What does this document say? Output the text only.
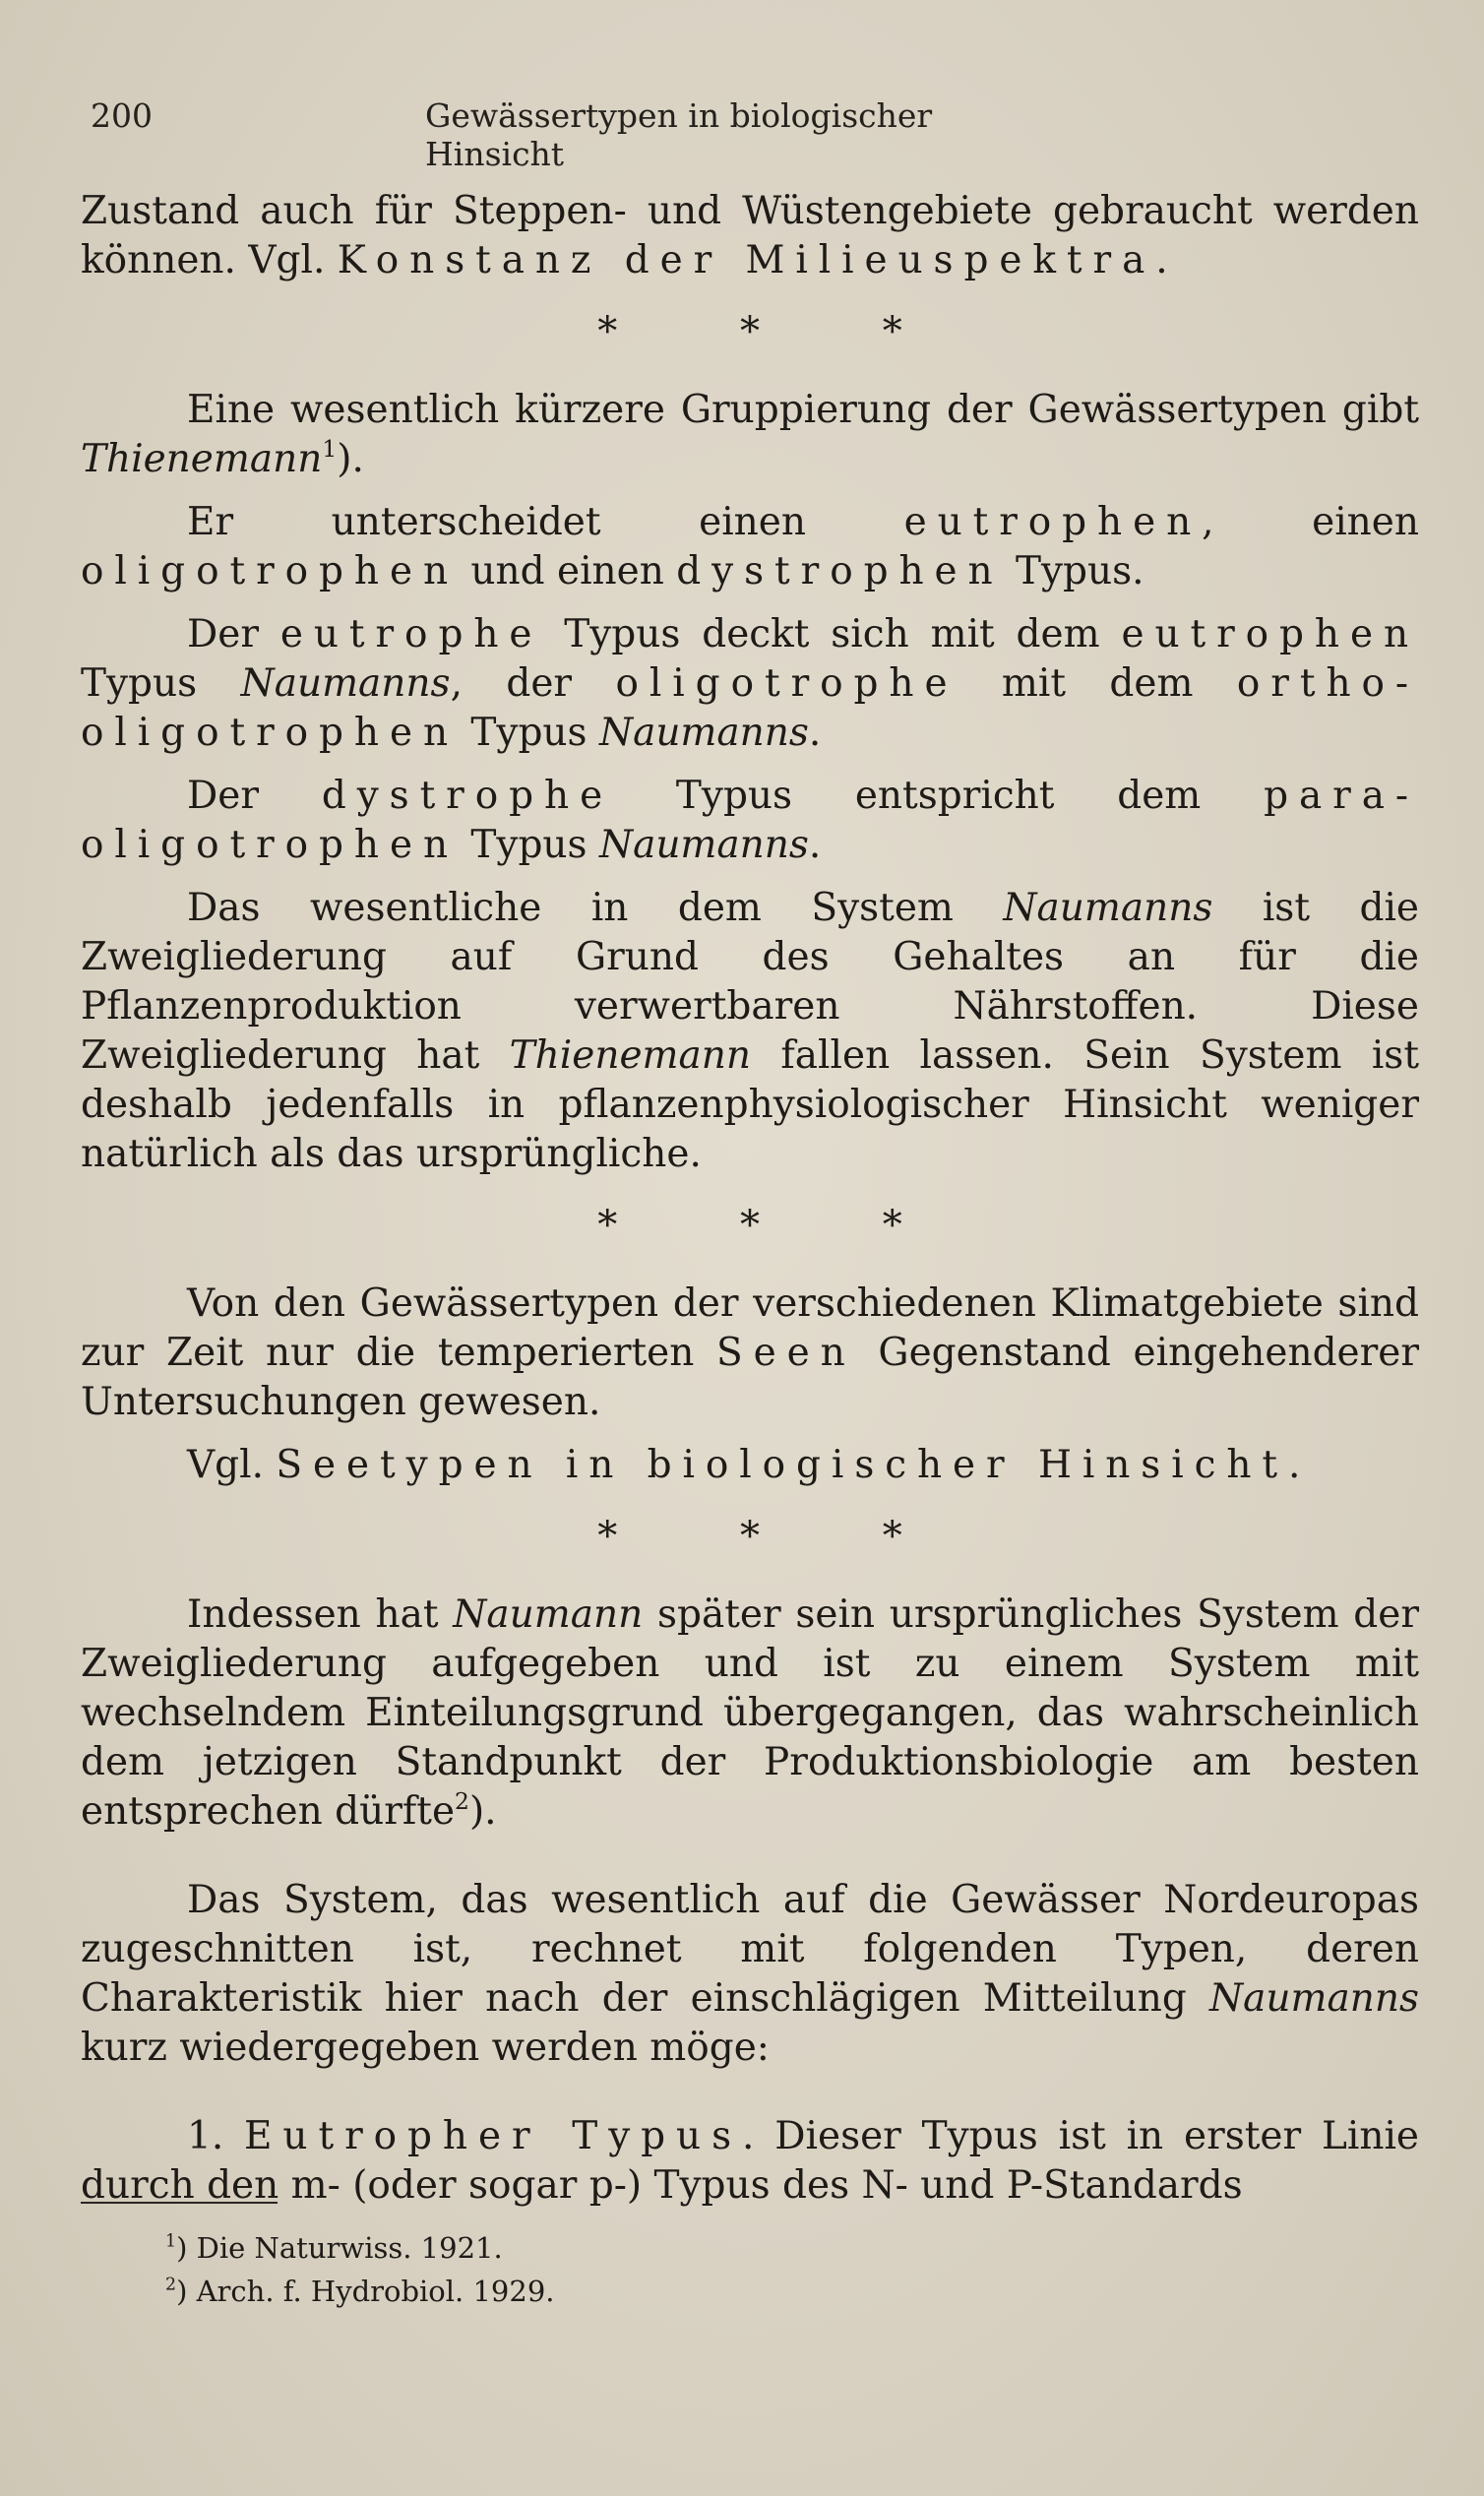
200	Gewässertypen in biologischer Hinsicht

Zustand auch für Steppen- und Wüstengebiete gebraucht werden können. Vgl. Konstanz der Milieuspektra.

* * *

Eine wesentlich kürzere Gruppierung der Gewässertypen gibt Thienemann$^1$).

Er unterscheidet einen eutrophen, einen oligotrophen und einen dystrophen Typus.

Der eutrophe Typus deckt sich mit dem eutrophen Typus Naumanns, der oligotrophe mit dem ortho-oligotrophen Typus Naumanns.

Der dystrophe Typus entspricht dem para-oligotrophen Typus Naumanns.

Das wesentliche in dem System Naumanns ist die Zweigliederung auf Grund des Gehaltes an für die Pflanzenproduktion verwertbaren Nährstoffen. Diese Zweigliederung hat Thienemann fallen lassen. Sein System ist deshalb jedenfalls in pflanzenphysiologischer Hinsicht weniger natürlich als das ursprüngliche.

* * *

Von den Gewässertypen der verschiedenen Klimatgebiete sind zur Zeit nur die temperierten Seen Gegenstand eingehenderer Untersuchungen gewesen.

Vgl. Seetypen in biologischer Hinsicht.

* * *

Indessen hat Naumann später sein ursprüngliches System der Zweigliederung aufgegeben und ist zu einem System mit wechselndem Einteilungsgrund übergegangen, das wahrscheinlich dem jetzigen Standpunkt der Produktionsbiologie am besten entsprechen dürfte$^2$).

Das System, das wesentlich auf die Gewässer Nordeuropas zugeschnitten ist, rechnet mit folgenden Typen, deren Charakteristik hier nach der einschlägigen Mitteilung Naumanns kurz wiedergegeben werden möge:

1. Eutropher Typus. Dieser Typus ist in erster Linie durch den m- (oder sogar p-) Typus des N- und P-Standards

$^1$) Die Naturwiss. 1921.
$^2$) Arch. f. Hydrobiol. 1929.
